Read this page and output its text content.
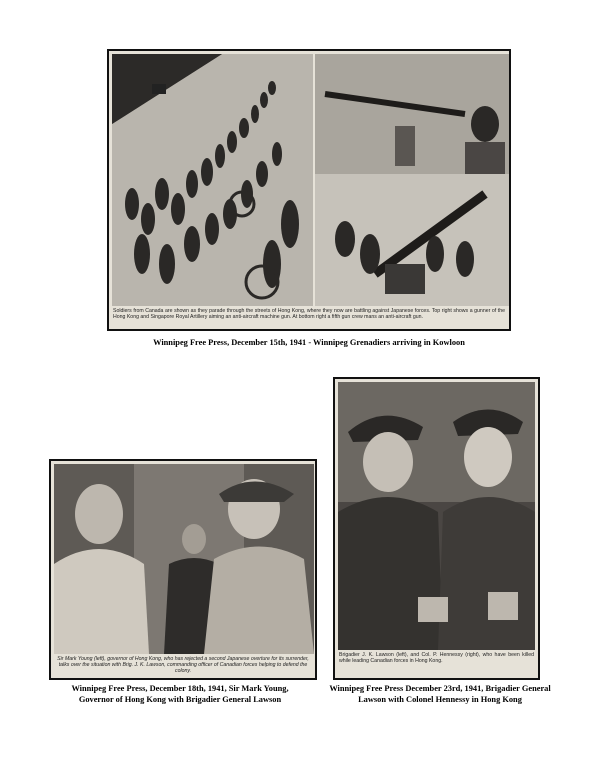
Soldiers from Canada are shown as they parade through the streets of Hong Kong, where they now are battling against Japanese forces. Top right shows a gunner of the Hong Kong and Singapore Royal Artillery aiming an anti-aircraft machine gun. At bottom right a fifth gun crew mans an anti-aircraft gun.
Winnipeg Free Press, December 15th, 1941 - Winnipeg Grenadiers arriving in Kowloon
Sir Mark Young (left), governor of Hong Kong, who has rejected a second Japanese overture for its surrender, talks over the situation with Brig. J. K. Lawson, commanding officer of Canadian forces helping to defend the colony.
Winnipeg Free Press, December 18th, 1941, Sir Mark Young,
Governor of Hong Kong with Brigadier General Lawson
Brigadier J. K. Lawson (left), and Col. P. Hennessy (right), who have been killed while leading Canadian forces in Hong Kong.
Winnipeg Free Press December 23rd, 1941, Brigadier General
Lawson with Colonel Hennessy in Hong Kong
